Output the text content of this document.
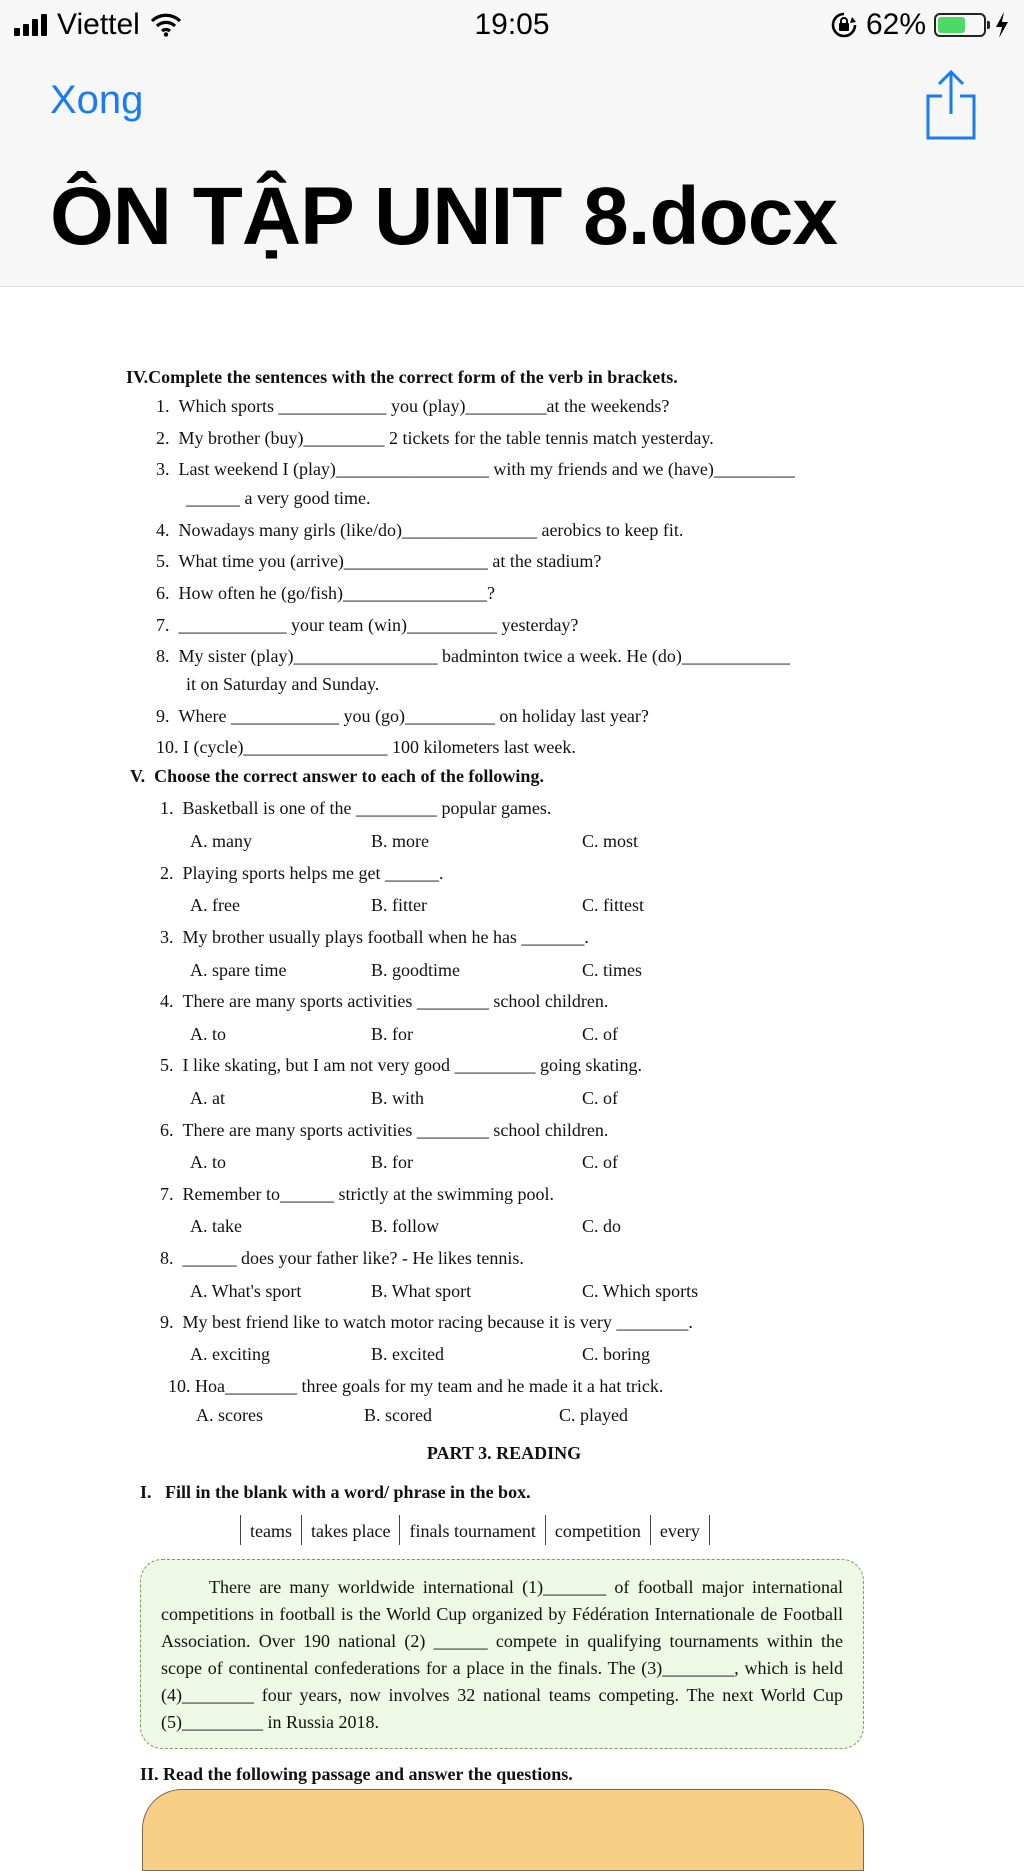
Viettel	19:05	62%
Xong
ÔN TẬP UNIT 8.docx
IV.Complete the sentences with the correct form of the verb in brackets.
1.  Which sports ____________ you (play)_________at the weekends?
2.  My brother (buy)_________ 2 tickets for the table tennis match yesterday.
3.  Last weekend I (play)_________________ with my friends and we (have)_________
______ a very good time.
4.  Nowadays many girls (like/do)_______________ aerobics to keep fit.
5.  What time you (arrive)________________ at the stadium?
6.  How often he (go/fish)________________?
7.  ____________ your team (win)__________ yesterday?
8.  My sister (play)________________ badminton twice a week. He (do)____________
it on Saturday and Sunday.
9.  Where ____________ you (go)__________ on holiday last year?
10. I (cycle)________________ 100 kilometers last week.
V.  Choose the correct answer to each of the following.
1.  Basketball is one of the _________ popular games.
A. many	B. more	C. most
2.  Playing sports helps me get ______.
A. free	B. fitter	C. fittest
3.  My brother usually plays football when he has _______.
A. spare time	B. goodtime	C. times
4.  There are many sports activities ________ school children.
A. to	B. for	C. of
5.  I like skating, but I am not very good _________ going skating.
A. at	B. with	C. of
6.  There are many sports activities ________ school children.
A. to	B. for	C. of
7.  Remember to______ strictly at the swimming pool.
A. take	B. follow	C. do
8.  ______ does your father like? - He likes tennis.
A. What's sport	B. What sport	C. Which sports
9.  My best friend like to watch motor racing because it is very ________.
A. exciting	B. excited	C. boring
10. Hoa________ three goals for my team and he made it a hat trick.
A. scores	B. scored	C. played
PART 3. READING
I.   Fill in the blank with a word/ phrase in the box.
teams	takes place	finals tournament	competition	every
There are many worldwide international (1)_______ of football major international competitions in football is the World Cup organized by Fédération Internationale de Football Association. Over 190 national (2) ______ compete in qualifying tournaments within the scope of continental confederations for a place in the finals. The (3)________, which is held (4)________ four years, now involves 32 national teams competing. The next World Cup (5)_________ in Russia 2018.
II. Read the following passage and answer the questions.
